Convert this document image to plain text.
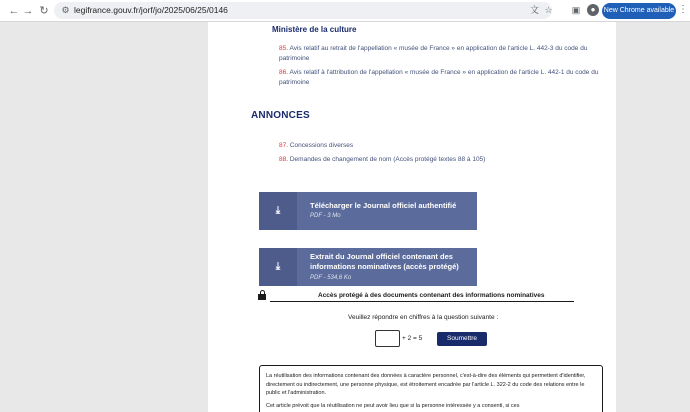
← → ↻	⚙ legifrance.gouv.fr/jorf/jo/2025/06/25/0146	文 ☆ ▣	●	New Chrome available ⋮
Ministère de la culture
85. Avis relatif au retrait de l'appellation « musée de France » en application de l'article L. 442-3 du code du patrimoine
86. Avis relatif à l'attribution de l'appellation « musée de France » en application de l'article L. 442-1 du code du patrimoine
ANNONCES
87. Concessions diverses
88. Demandes de changement de nom (Accès protégé textes 88 à 105)
⤓	Télécharger le Journal officiel authentifié
PDF - 3 Mo
⤓
Extrait du Journal officiel contenant des
informations nominatives (accès protégé)
PDF - 534,6 Ko
Accès protégé à des documents contenant des informations nominatives
Veuillez répondre en chiffres à la question suivante :
+ 2 = 5	Soumettre
La réutilisation des informations contenant des données à caractère personnel, c'est-à-dire des éléments qui permettent d'identifier, directement ou indirectement, une personne physique, est étroitement encadrée par l'article L. 322-2 du code des relations entre le public et l'administration.
Cet article prévoit que la réutilisation ne peut avoir lieu que si la personne intéressée y a consenti, si ces
